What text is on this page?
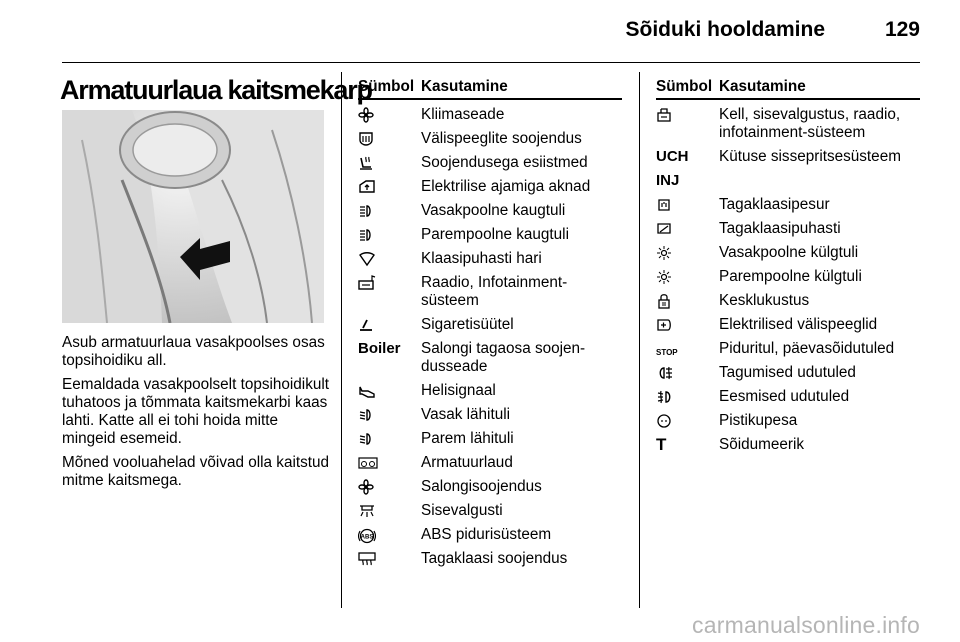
Sõiduki hooldamine	129
Armatuurlaua kaitsmekarp

Asub armatuurlaua vasakpoolses osas topsihoidiku all.

Eemaldada vasakpoolselt topsihoidikult tuhatoos ja tõmmata kaitsmekarbi kaas lahti. Katte all ei tohi hoida mitte mingeid esemeid.

Mõned vooluahelad võivad olla kaitstud mitme kaitsmega.

Sümbol Kasutamine
Kliimaseade
Välispeeglite soojendus
Soojendusega esiistmed
Elektrilise ajamiga aknad
Vasakpoolne kaugtuli
Parempoolne kaugtuli
Klaasipuhasti hari
Raadio, Infotainment-süsteem
Sigaretisüütel
Boiler Salongi tagaosa soojen-dusseade
Helisignaal
Vasak lähituli
Parem lähituli
Armatuurlaud
Salongisoojendus
Sisevalgusti
ABS	ABS pidurisüsteem
Tagaklaasi soojendus
Sümbol Kasutamine
Kell, sisevalgustus, raadio, infotainment-süsteem
UCH Kütuse sissepritsesüsteem
INJ
Tagaklaasipesur
Tagaklaasipuhasti
Vasakpoolne külgtuli
Parempoolne külgtuli
Kesklukustus
Elektrilised välispeeglid
STOP	Piduritul, päevasõidutuled
Tagumised udutuled
Eesmised udutuled
Pistikupesa
T	Sõidumeerik
carmanualsonline.info
